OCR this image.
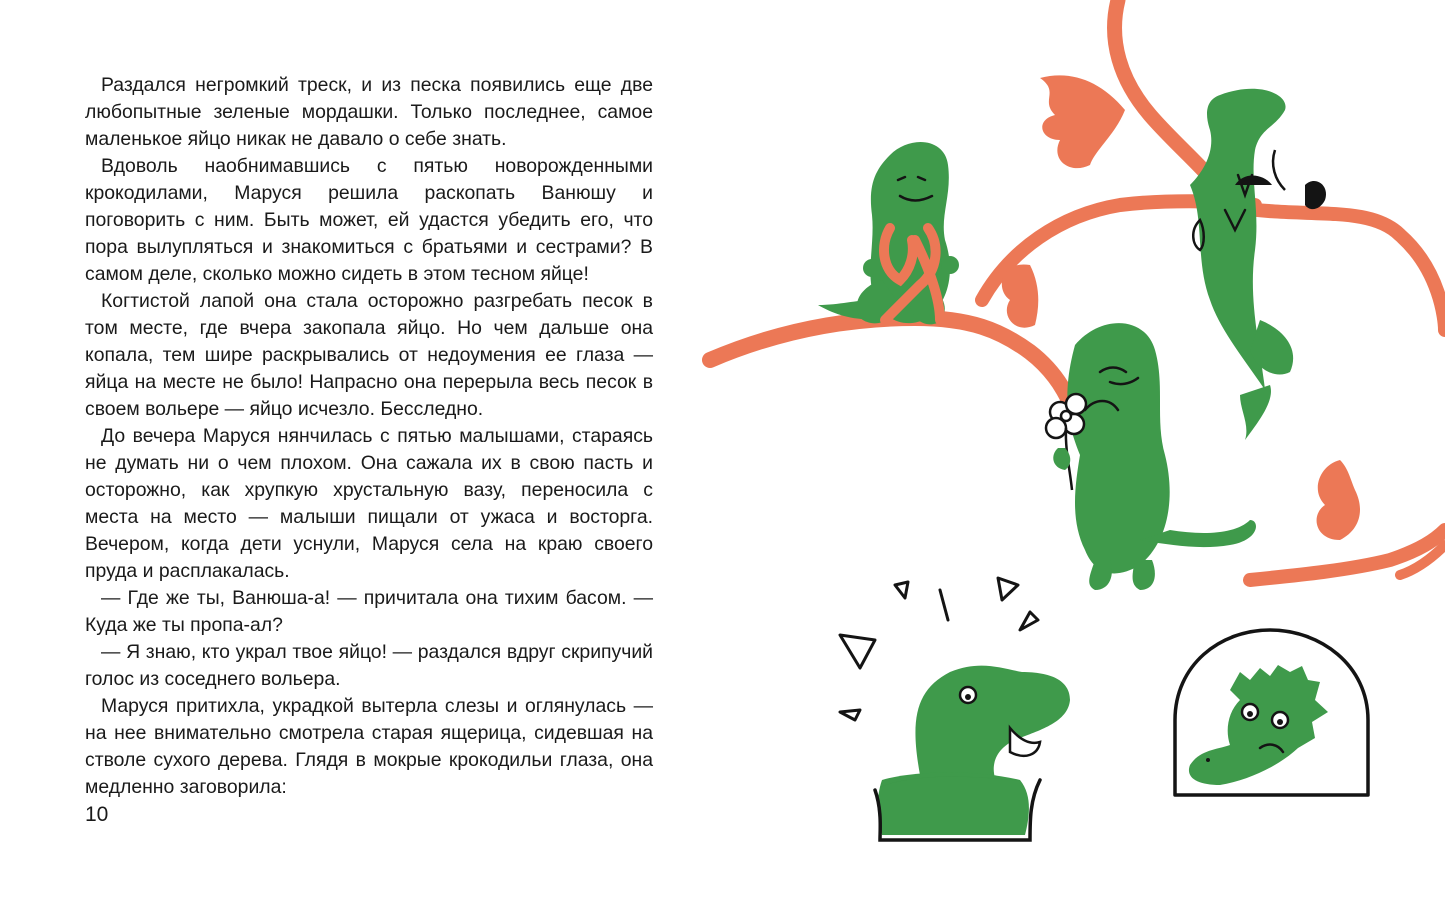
Раздался негромкий треск, и из песка появились еще две любопытные зеленые мордашки. Только последнее, самое маленькое яйцо никак не давало о себе знать.

Вдоволь наобнимавшись с пятью новорожденными крокодилами, Маруся решила раскопать Ванюшу и поговорить с ним. Быть может, ей удастся убедить его, что пора вылупляться и знакомиться с братьями и сестрами? В самом деле, сколько можно сидеть в этом тесном яйце!

Когтистой лапой она стала осторожно разгребать песок в том месте, где вчера закопала яйцо. Но чем дальше она копала, тем шире раскрывались от недоумения ее глаза — яйца на месте не было! Напрасно она перерыла весь песок в своем вольере — яйцо исчезло. Бесследно.

До вечера Маруся нянчилась с пятью малышами, стараясь не думать ни о чем плохом. Она сажала их в свою пасть и осторожно, как хрупкую хрустальную вазу, переносила с места на место — малыши пищали от ужаса и восторга. Вечером, когда дети уснули, Маруся села на краю своего пруда и расплакалась.

— Где же ты, Ванюша-а! — причитала она тихим басом. — Куда же ты пропа-ал?

— Я знаю, кто украл твое яйцо! — раздался вдруг скрипучий голос из соседнего вольера.

Маруся притихла, украдкой вытерла слезы и оглянулась — на нее внимательно смотрела старая ящерица, сидевшая на стволе сухого дерева. Глядя в мокрые крокодильи глаза, она медленно заговорила:

10
